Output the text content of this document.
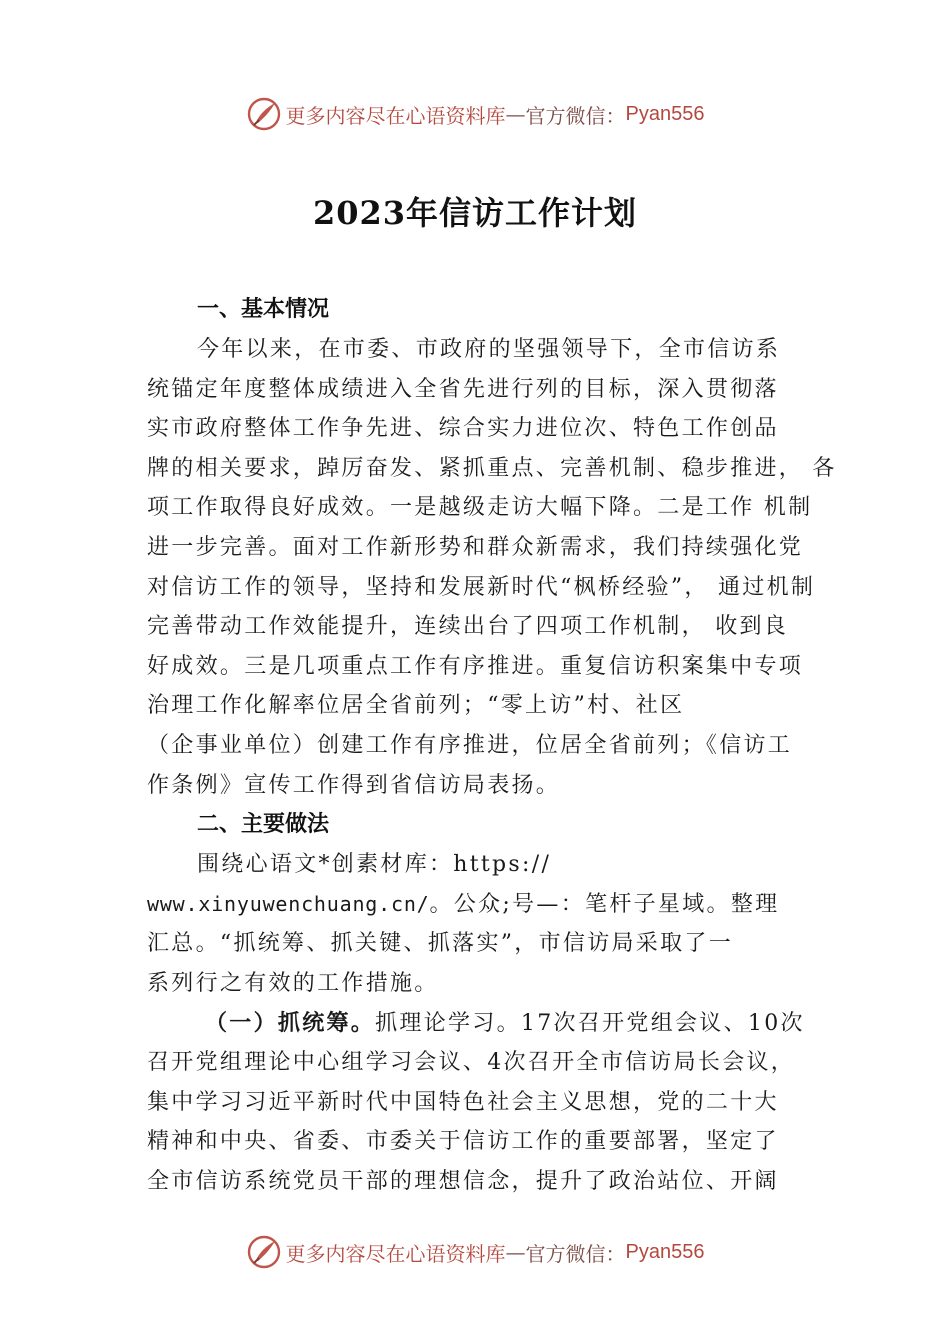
更多内容尽在心语资料库 — 官方微信： Pyan556
2023年信访工作计划
一、基本情况
今年以来，在市委、市政府的坚强领导下，全市信访系
统锚定年度整体成绩进入全省先进行列的目标，深入贯彻落
实市政府整体工作争先进、综合实力进位次、特色工作创品
牌的相关要求，踔厉奋发、紧抓重点、完善机制、稳步推进， 各
项工作取得良好成效。一是越级走访大幅下降。二是工作 机制
进一步完善。面对工作新形势和群众新需求，我们持续强化党
对信访工作的领导，坚持和发展新时代“枫桥经验”， 通过机制
完善带动工作效能提升，连续出台了四项工作机制， 收到良
好成效。三是几项重点工作有序推进。重复信访积案集中专项
治理工作化解率位居全省前列；“零上访”村、社区
（企事业单位）创建工作有序推进，位居全省前列；《信访工
作条例》宣传工作得到省信访局表扬。
二、主要做法
围绕心语文*创素材库：https://
www.xinyuwenchuang.cn/。公众;号—：笔杆子星域。整理
汇总。“抓统筹、抓关键、抓落实”，市信访局采取了一
系列行之有效的工作措施。
（一）抓统筹。抓理论学习。17次召开党组会议、10次
召开党组理论中心组学习会议、4次召开全市信访局长会议，
集中学习习近平新时代中国特色社会主义思想，党的二十大
精神和中央、省委、市委关于信访工作的重要部署，坚定了
全市信访系统党员干部的理想信念，提升了政治站位、开阔
更多内容尽在心语资料库 — 官方微信： Pyan556
